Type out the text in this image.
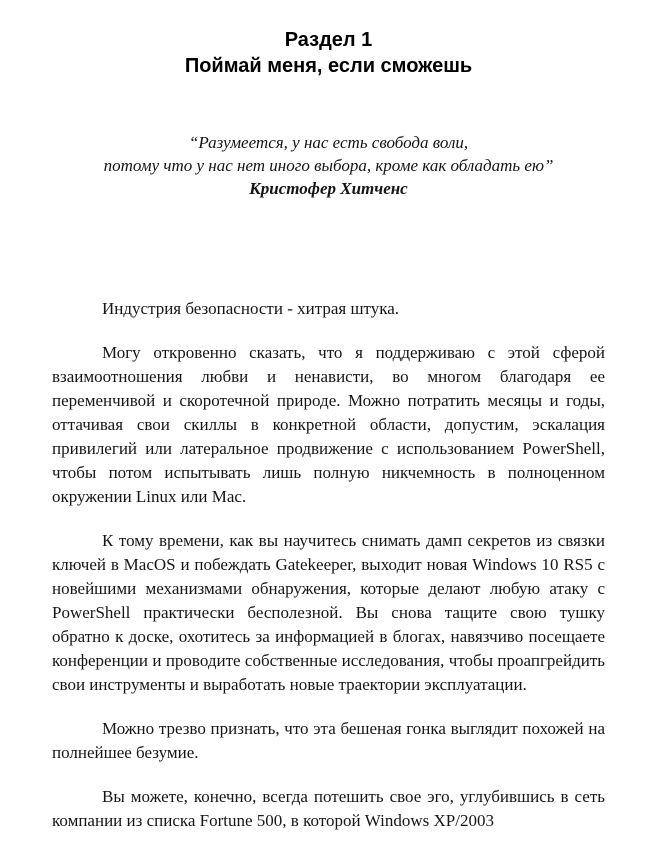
Раздел 1
Поймай меня, если сможешь
“Разумеется, у нас есть свобода воли,
потому что у нас нет иного выбора, кроме как обладать ею”
Кристофер Хитченс

Индустрия безопасности - хитрая штука.

Могу откровенно сказать, что я поддерживаю с этой сферой взаимоотношения любви и ненависти, во многом благодаря ее переменчивой и скоротечной природе. Можно потратить месяцы и годы, оттачивая свои скиллы в конкретной области, допустим, эскалация привилегий или латеральное продвижение с использованием PowerShell, чтобы потом испытывать лишь полную никчемность в полноценном окружении Linux или Mac.

К тому времени, как вы научитесь снимать дамп секретов из связки ключей в MacOS и побеждать Gatekeeper, выходит новая Windows 10 RS5 с новейшими механизмами обнаружения, которые делают любую атаку с PowerShell практически бесполезной. Вы снова тащите свою тушку обратно к доске, охотитесь за информацией в блогах, навязчиво посещаете конференции и проводите собственные исследования, чтобы проапгрейдить свои инструменты и выработать новые траектории эксплуатации.

Можно трезво признать, что эта бешеная гонка выглядит похожей на полнейшее безумие.

Вы можете, конечно, всегда потешить свое эго, углубившись в сеть компании из списка Fortune 500, в которой Windows XP/2003
